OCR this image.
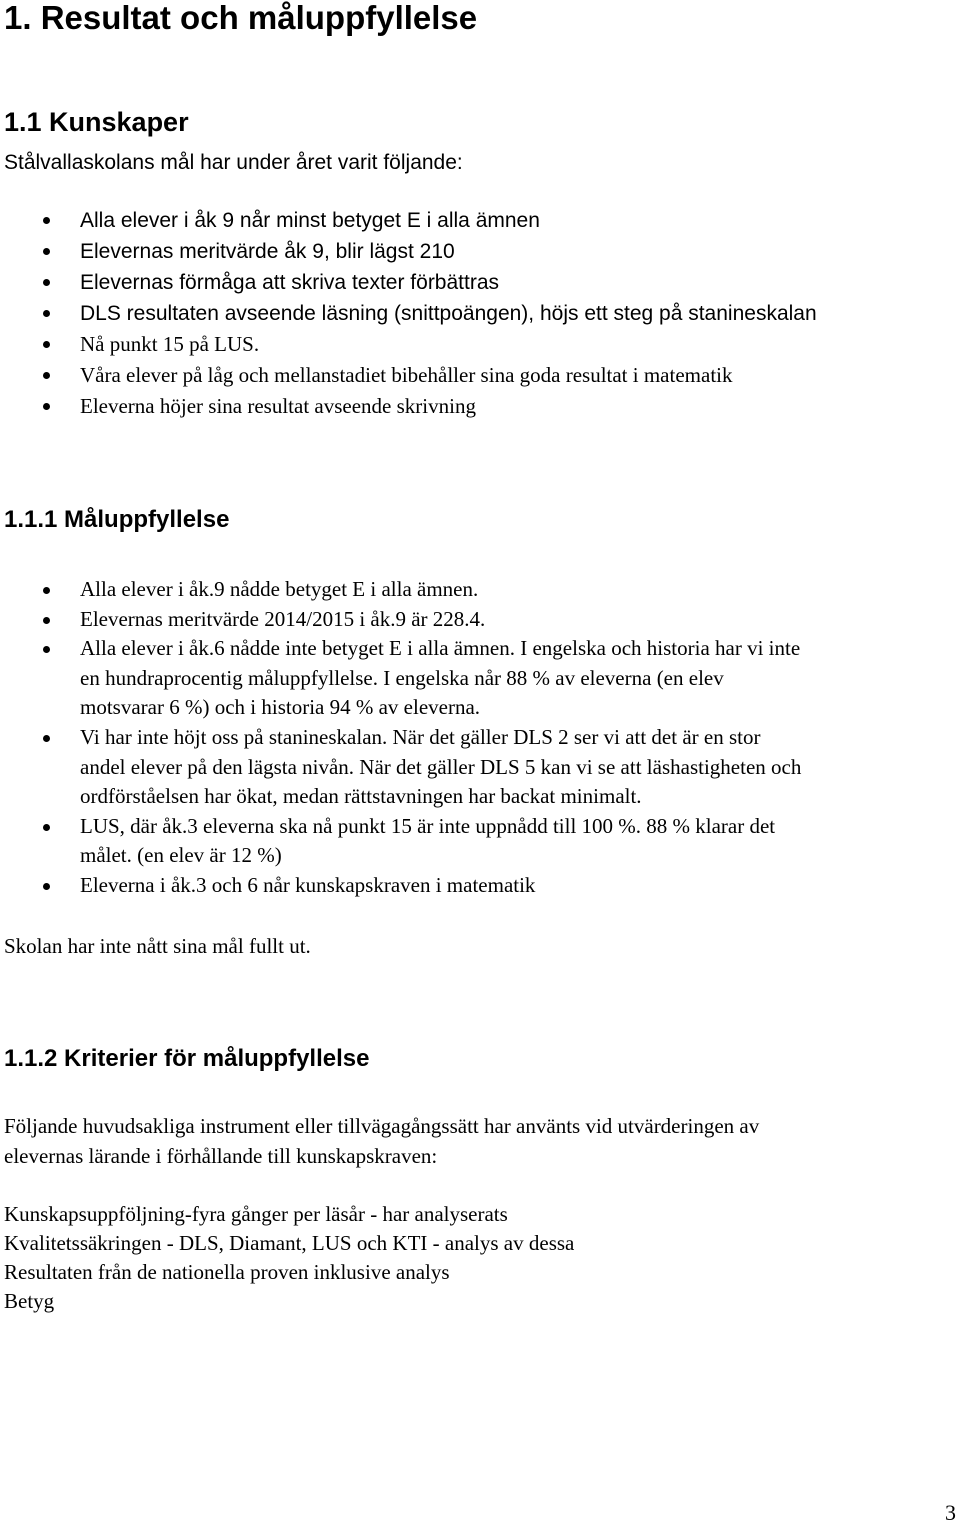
1. Resultat och måluppfyllelse
1.1 Kunskaper
Stålvallaskolans mål har under året varit följande:
Alla elever i åk 9 når minst betyget E i alla ämnen
Elevernas meritvärde åk 9, blir lägst 210
Elevernas förmåga att skriva texter förbättras
DLS resultaten avseende läsning (snittpoängen), höjs ett steg på stanineskalan
Nå punkt 15 på LUS.
Våra elever på låg och mellanstadiet bibehåller sina goda resultat i matematik
Eleverna höjer sina resultat avseende skrivning
1.1.1 Måluppfyllelse
Alla elever i åk.9 nådde betyget E i alla ämnen.
Elevernas meritvärde 2014/2015 i åk.9 är 228.4.
Alla elever i åk.6 nådde inte betyget E i alla ämnen. I engelska och historia har vi inte
en hundraprocentig måluppfyllelse. I engelska når 88 % av eleverna (en elev
motsvarar 6 %) och i historia 94 % av eleverna.
Vi har inte höjt oss på stanineskalan. När det gäller DLS 2 ser vi att det är en stor
andel elever på den lägsta nivån. När det gäller DLS 5 kan vi se att läshastigheten och
ordförståelsen har ökat, medan rättstavningen har backat minimalt.
LUS, där åk.3 eleverna ska nå punkt 15 är inte uppnådd till 100 %. 88 % klarar det
målet. (en elev är 12 %)
Eleverna i åk.3 och 6 når kunskapskraven i matematik
Skolan har inte nått sina mål fullt ut.
1.1.2 Kriterier för måluppfyllelse
Följande huvudsakliga instrument eller tillvägagångssätt har använts vid utvärderingen av
elevernas lärande i förhållande till kunskapskraven:
Kunskapsuppföljning-fyra gånger per läsår - har analyserats
Kvalitetssäkringen - DLS, Diamant, LUS och KTI - analys av dessa
Resultaten från de nationella proven inklusive analys
Betyg
3
